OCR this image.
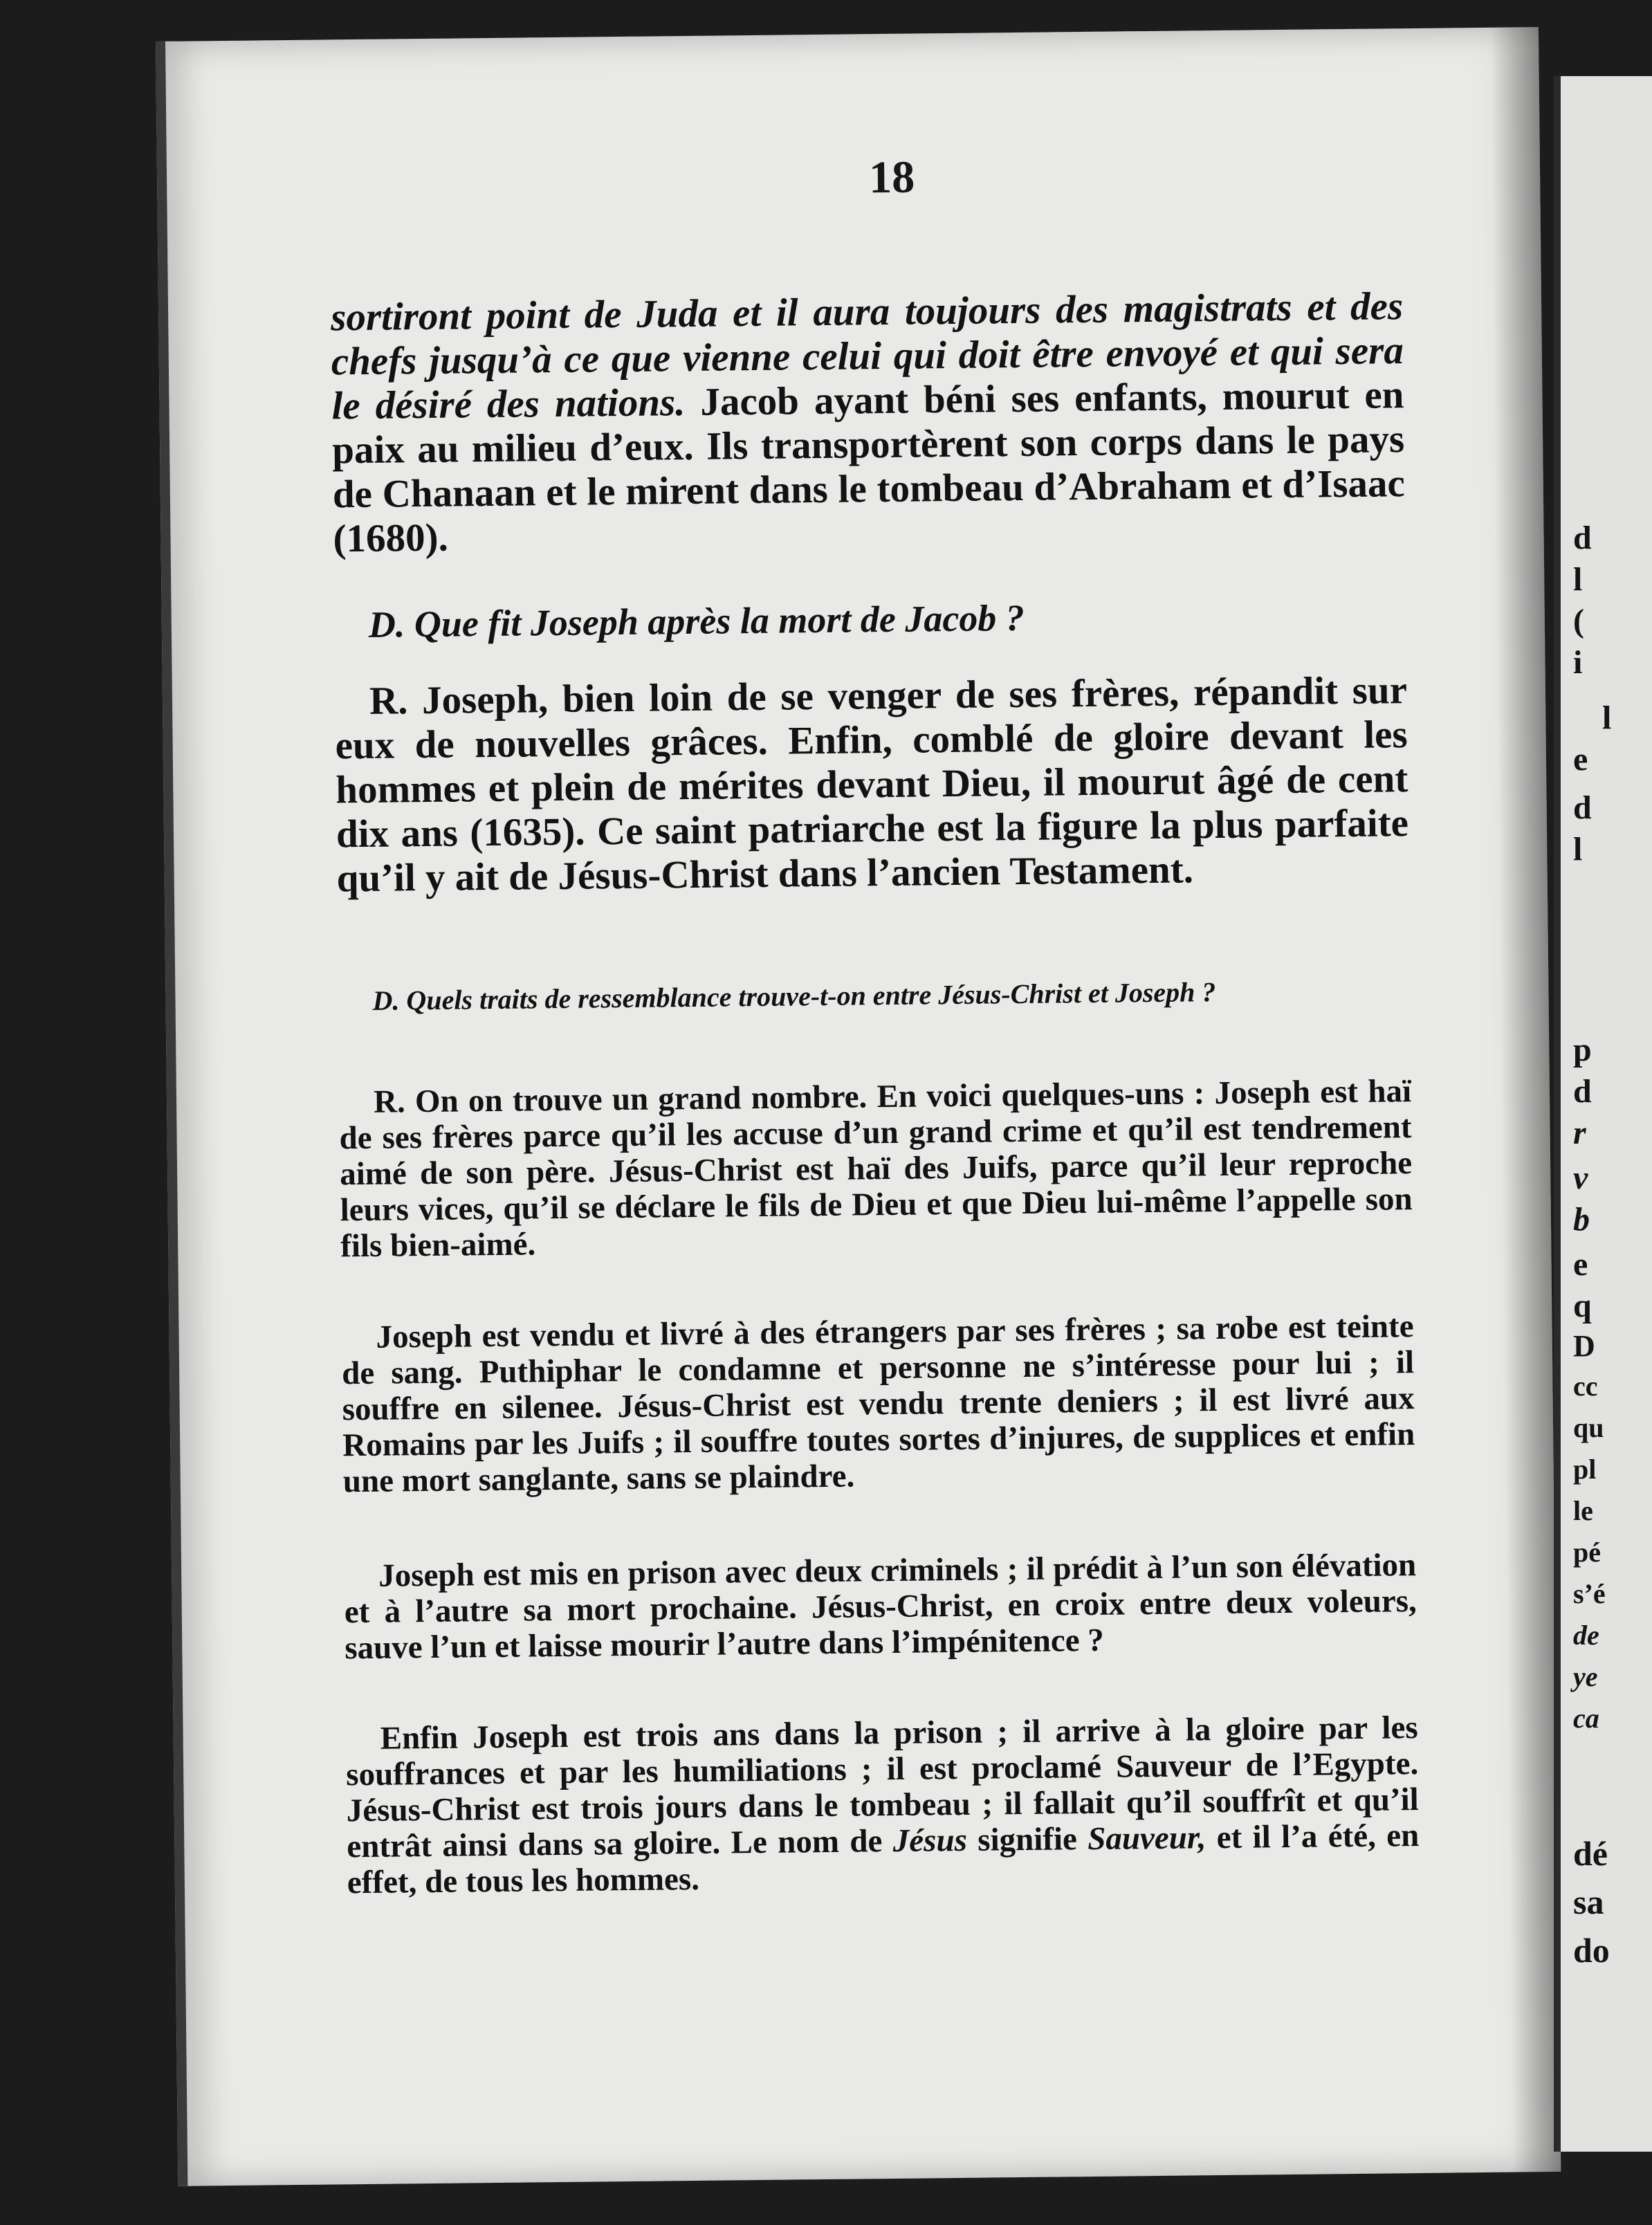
18
sortiront point de Juda et il aura toujours des magistrats et des chefs jusqu’à ce que vienne celui qui doit être envoyé et qui sera le désiré des nations. Jacob ayant béni ses enfants, mourut en paix au milieu d’eux. Ils transportèrent son corps dans le pays de Chanaan et le mirent dans le tombeau d’Abraham et d’Isaac (1680).
D. Que fit Joseph après la mort de Jacob ?
R. Joseph, bien loin de se venger de ses frères, répandit sur eux de nouvelles grâces. Enfin, comblé de gloire devant les hommes et plein de mérites devant Dieu, il mourut âgé de cent dix ans (1635). Ce saint patriarche est la figure la plus parfaite qu’il y ait de Jésus-Christ dans l’ancien Testament.
D. Quels traits de ressemblance trouve-t-on entre Jésus-Christ et Joseph ?
R. On on trouve un grand nombre. En voici quelques-uns : Joseph est haï de ses frères parce qu’il les accuse d’un grand crime et qu’il est tendrement aimé de son père. Jésus-Christ est haï des Juifs, parce qu’il leur reproche leurs vices, qu’il se déclare le fils de Dieu et que Dieu lui-même l’appelle son fils bien-aimé.
Joseph est vendu et livré à des étrangers par ses frères ; sa robe est teinte de sang. Puthiphar le condamne et personne ne s’intéresse pour lui ; il souffre en silenee. Jésus-Christ est vendu trente deniers ; il est livré aux Romains par les Juifs ; il souffre toutes sortes d’injures, de supplices et enfin une mort sanglante, sans se plaindre.
Joseph est mis en prison avec deux criminels ; il prédit à l’un son élévation et à l’autre sa mort prochaine. Jésus-Christ, en croix entre deux voleurs, sauve l’un et laisse mourir l’autre dans l’impénitence ?
Enfin Joseph est trois ans dans la prison ; il arrive à la gloire par les souffrances et par les humiliations ; il est proclamé Sauveur de l’Egypte. Jésus-Christ est trois jours dans le tombeau ; il fallait qu’il souffrît et qu’il entrât ainsi dans sa gloire. Le nom de Jésus signifie Sauveur, et il l’a été, en effet, de tous les hommes.
d
l
(
i
l
e
d
p
d
r
v
b
e
q
D
cc
qu
pl
le
pé
s’é
de
ye
ca
dé
sa
do
l
